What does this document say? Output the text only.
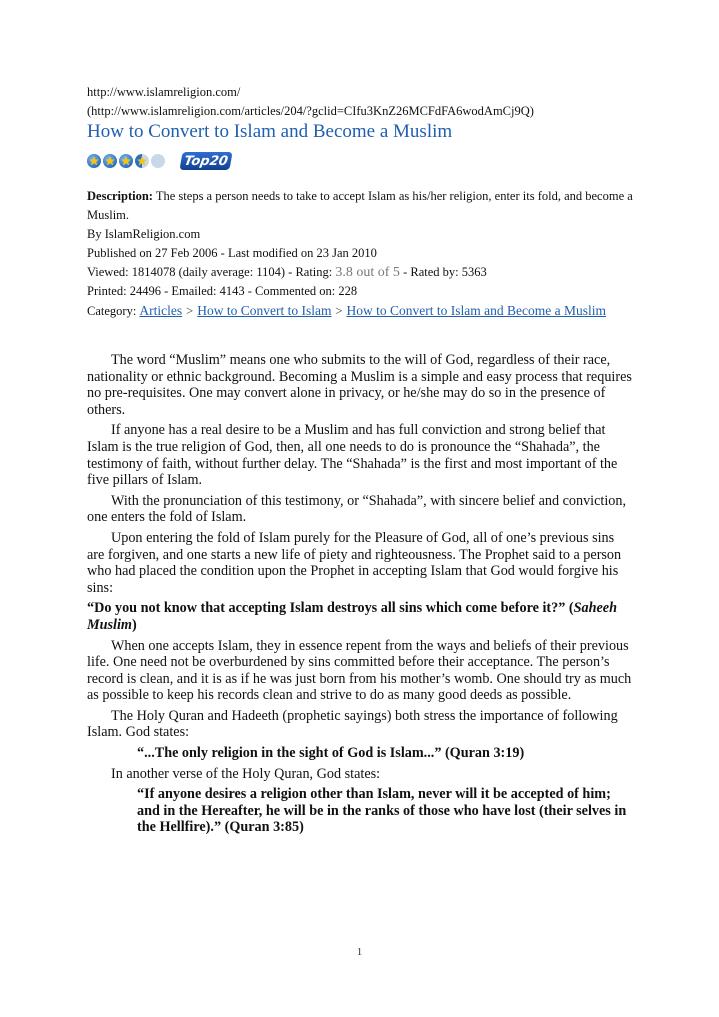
http://www.islamreligion.com/
(http://www.islamreligion.com/articles/204/?gclid=CIfu3KnZ26MCFdFA6wodAmCj9Q)
How to Convert to Islam and Become a Muslim
Top20

Description: The steps a person needs to take to accept Islam as his/her religion, enter its fold, and become a Muslim.

By IslamReligion.com

Published on 27 Feb 2006 - Last modified on 23 Jan 2010

Viewed: 1814078 (daily average: 1104) - Rating: 3.8 out of 5 - Rated by: 5363

Printed: 24496 - Emailed: 4143 - Commented on: 228

Category: Articles > How to Convert to Islam > How to Convert to Islam and Become a Muslim

The word “Muslim” means one who submits to the will of God, regardless of their race, nationality or ethnic background. Becoming a Muslim is a simple and easy process that requires no pre-requisites. One may convert alone in privacy, or he/she may do so in the presence of others.

If anyone has a real desire to be a Muslim and has full conviction and strong belief that Islam is the true religion of God, then, all one needs to do is pronounce the “Shahada”, the testimony of faith, without further delay. The “Shahada” is the first and most important of the five pillars of Islam.

With the pronunciation of this testimony, or “Shahada”, with sincere belief and conviction, one enters the fold of Islam.

Upon entering the fold of Islam purely for the Pleasure of God, all of one’s previous sins are forgiven, and one starts a new life of piety and righteousness. The Prophet said to a person who had placed the condition upon the Prophet in accepting Islam that God would forgive his sins:

“Do you not know that accepting Islam destroys all sins which come before it?” (Saheeh Muslim)

When one accepts Islam, they in essence repent from the ways and beliefs of their previous life. One need not be overburdened by sins committed before their acceptance. The person’s record is clean, and it is as if he was just born from his mother’s womb. One should try as much as possible to keep his records clean and strive to do as many good deeds as possible.

The Holy Quran and Hadeeth (prophetic sayings) both stress the importance of following Islam. God states:

“...The only religion in the sight of God is Islam...” (Quran 3:19)

In another verse of the Holy Quran, God states:

“If anyone desires a religion other than Islam, never will it be accepted of him; and in the Hereafter, he will be in the ranks of those who have lost (their selves in the Hellfire).” (Quran 3:85)

1
